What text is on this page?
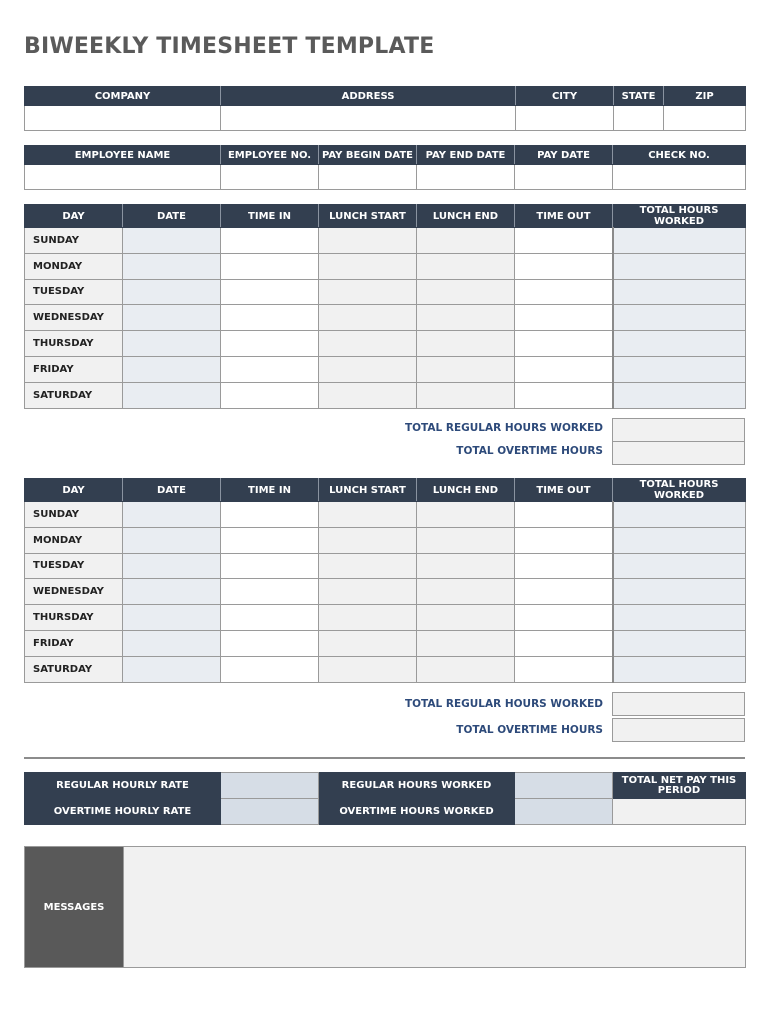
BIWEEKLY TIMESHEET TEMPLATE
COMPANY	ADDRESS	CITY	STATE	ZIP

EMPLOYEE NAME	EMPLOYEE NO.	PAY BEGIN DATE	PAY END DATE	PAY DATE	CHECK NO.

DAY	DATE	TIME IN	LUNCH START	LUNCH END	TIME OUT	TOTAL HOURS WORKED
SUNDAY						
MONDAY						
TUESDAY						
WEDNESDAY						
THURSDAY						
FRIDAY						
SATURDAY						
TOTAL REGULAR HOURS WORKED
TOTAL OVERTIME HOURS
DAY	DATE	TIME IN	LUNCH START	LUNCH END	TIME OUT	TOTAL HOURS WORKED
SUNDAY						
MONDAY						
TUESDAY						
WEDNESDAY						
THURSDAY						
FRIDAY						
SATURDAY						
TOTAL REGULAR HOURS WORKED
TOTAL OVERTIME HOURS
REGULAR HOURLY RATE		REGULAR HOURS WORKED		TOTAL NET PAY THIS PERIOD
OVERTIME HOURLY RATE		OVERTIME HOURS WORKED		
MESSAGES
